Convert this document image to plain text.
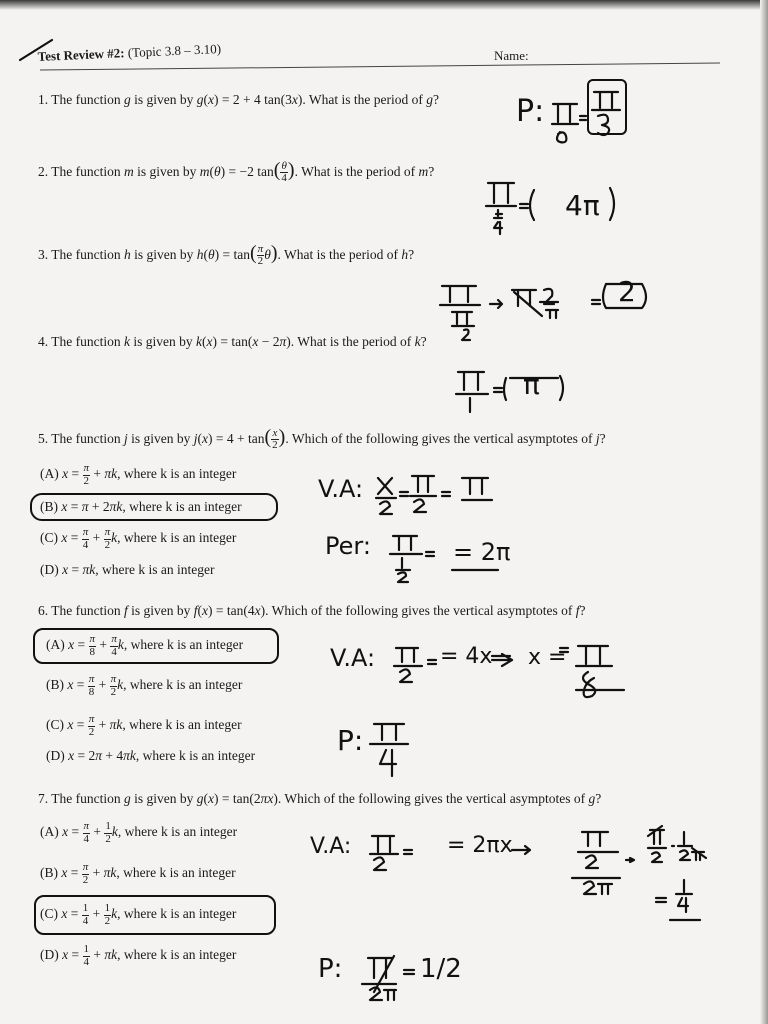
Test Review #2: (Topic 3.8 – 3.10)	Name:
1. The function g is given by g(x) = 2 + 4 tan(3x). What is the period of g?
2. The function m is given by m(θ) = −2 $\tan( \frac{\theta}{4}$ ). What is the period of m?
3. The function h is given by $h(\theta) = \tan( \frac{\pi}{2} \theta)$. What is the period of h?
4. The function k is given by k(x) = tan(x − 2π). What is the period of k?
5. The function j is given by $j(x) = 4 + \tan( \frac{x}{2}$ ). Which of the following gives the vertical asymptotes of j?
(A) $x = \frac{\pi}{2} + \pi k$, where k is an integer
(B) x = π + 2πk, where k is an integer
(C) $x = \frac{\pi}{4} + \frac{\pi}{2} k$, where k is an integer
(D) x = πk, where k is an integer
6. The function f is given by f(x) = tan(4x). Which of the following gives the vertical asymptotes of f?
(A) $x = \frac{\pi}{8} + \frac{\pi}{4} k$, where k is an integer
(B) $x = \frac{\pi}{8} + \frac{\pi}{2} k$, where k is an integer
(C) $x = \frac{\pi}{2} + \pi k$, where k is an integer
(D) x = 2π + 4πk, where k is an integer
7. The function g is given by g(x) = tan(2πx). Which of the following gives the vertical asymptotes of g?
(A) $x = \frac{\pi}{4} + \frac{1}{2} k$, where k is an integer
(B) $x = \frac{\pi}{2} + \pi k$, where k is an integer
(C) $x = \frac{1}{4} + \frac{1}{2} k$, where k is an integer
(D) $x = \frac{1}{4} + \pi k$, where k is an integer
P:
4π
2
π
V.A:
Per:	= 2π
V.A:	= 4x x =
P:
V.A:	= 2πx
P:	1/2
